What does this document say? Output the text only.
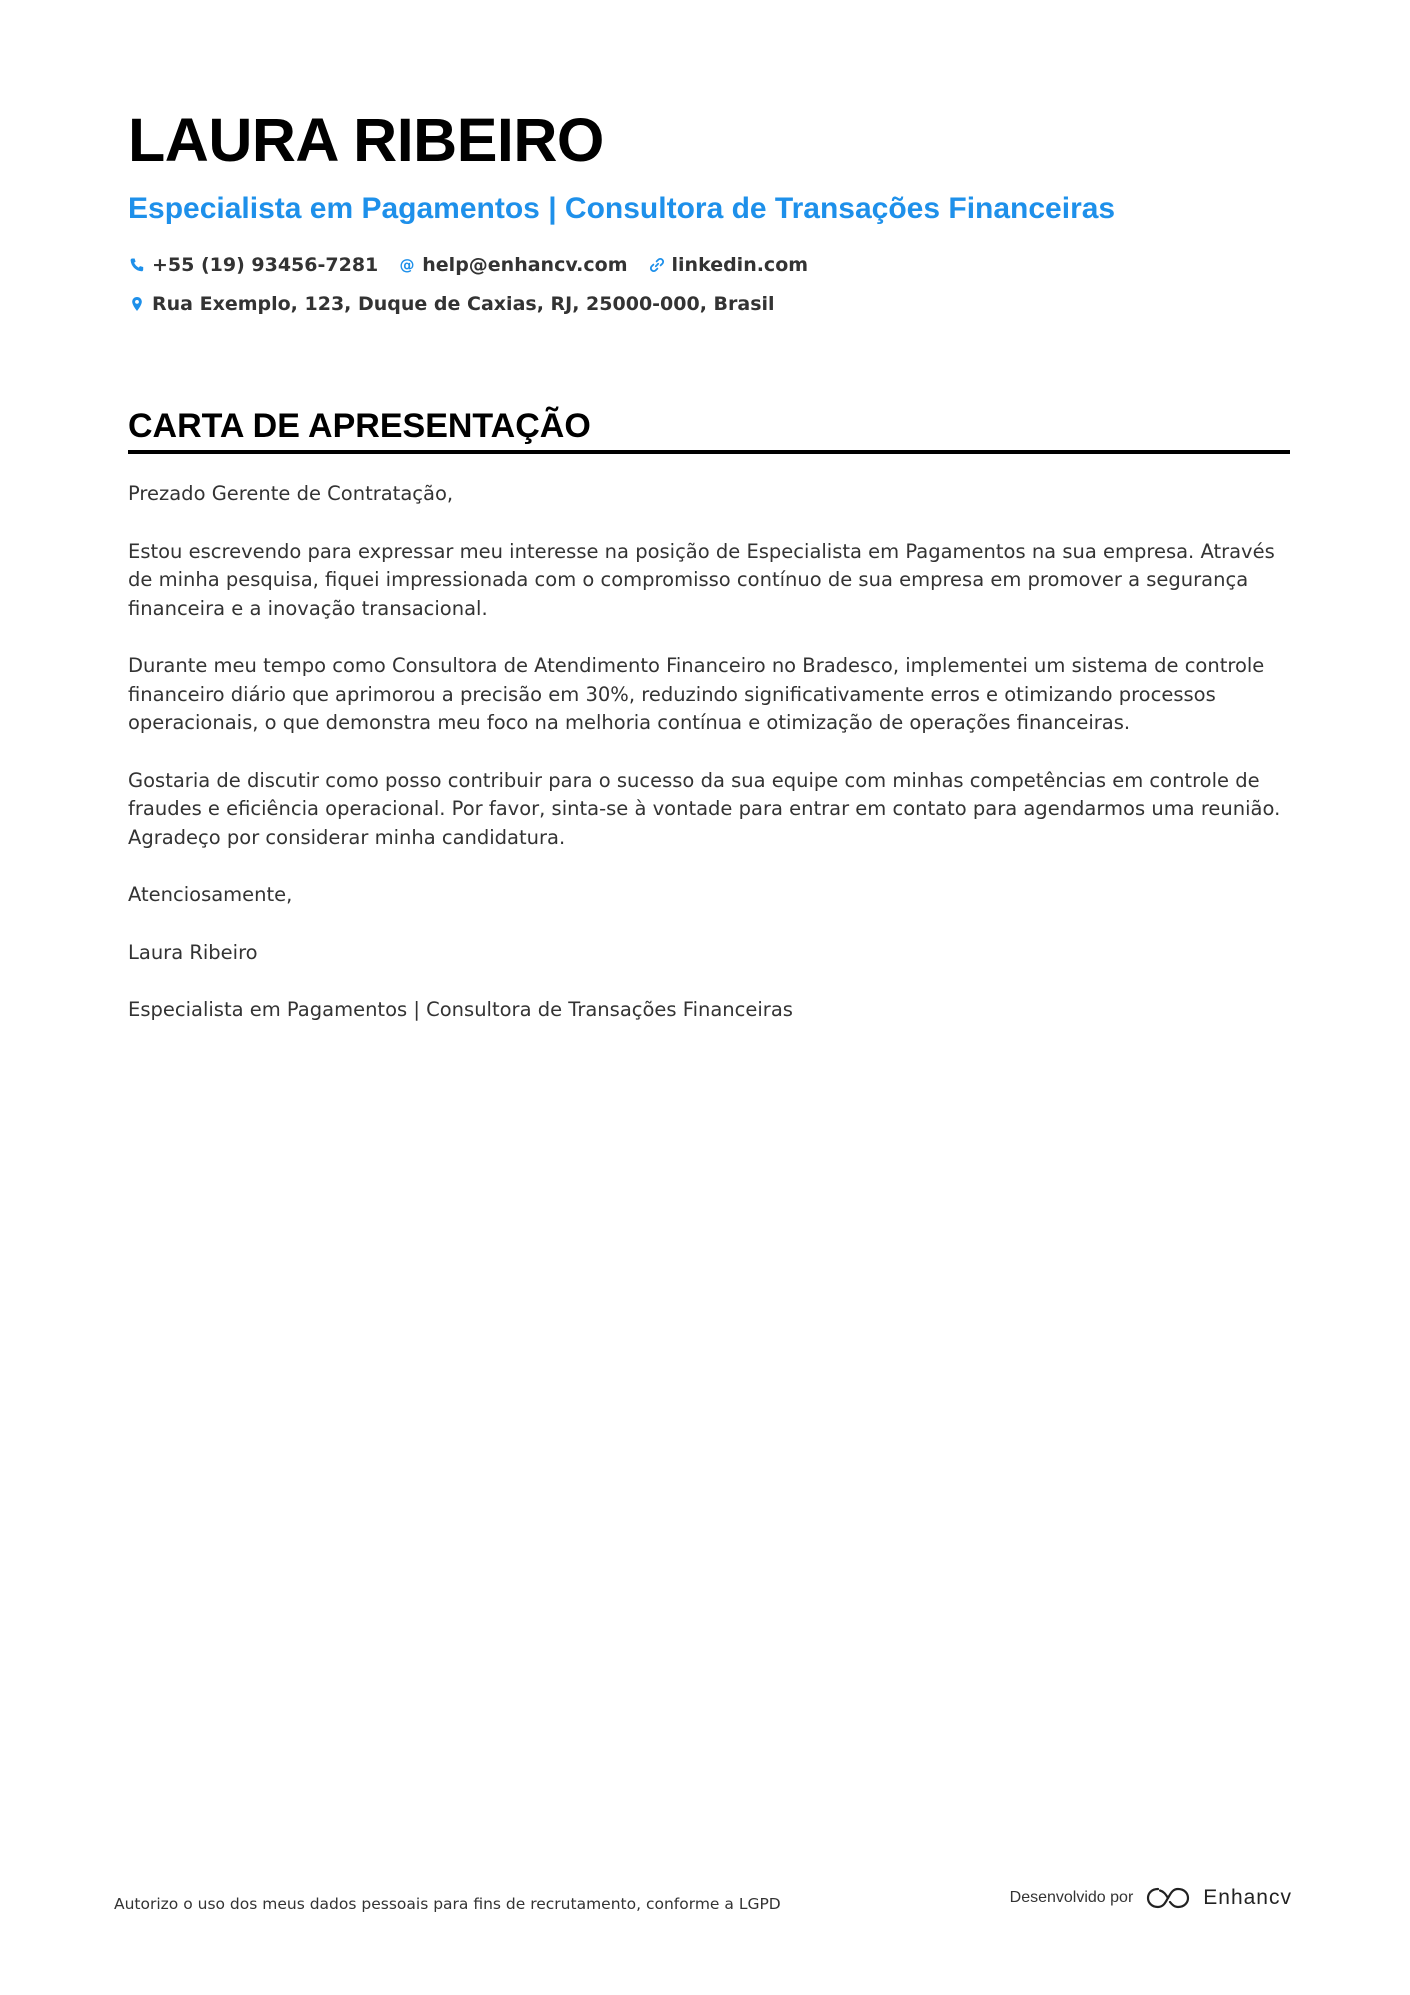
LAURA RIBEIRO
Especialista em Pagamentos | Consultora de Transações Financeiras
+55 (19) 93456-7281 @ help@enhancv.com linkedin.com
Rua Exemplo, 123, Duque de Caxias, RJ, 25000-000, Brasil
CARTA DE APRESENTAÇÃO

Prezado Gerente de Contratação,

Estou escrevendo para expressar meu interesse na posição de Especialista em Pagamentos na sua empresa. Através de minha pesquisa, fiquei impressionada com o compromisso contínuo de sua empresa em promover a segurança financeira e a inovação transacional.

Durante meu tempo como Consultora de Atendimento Financeiro no Bradesco, implementei um sistema de controle financeiro diário que aprimorou a precisão em 30%, reduzindo significativamente erros e otimizando processos operacionais, o que demonstra meu foco na melhoria contínua e otimização de operações financeiras.

Gostaria de discutir como posso contribuir para o sucesso da sua equipe com minhas competências em controle de fraudes e eficiência operacional. Por favor, sinta-se à vontade para entrar em contato para agendarmos uma reunião. Agradeço por considerar minha candidatura.

Atenciosamente,

Laura Ribeiro

Especialista em Pagamentos | Consultora de Transações Financeiras

Autorizo o uso dos meus dados pessoais para fins de recrutamento, conforme a LGPD	Desenvolvido por	Enhancv
